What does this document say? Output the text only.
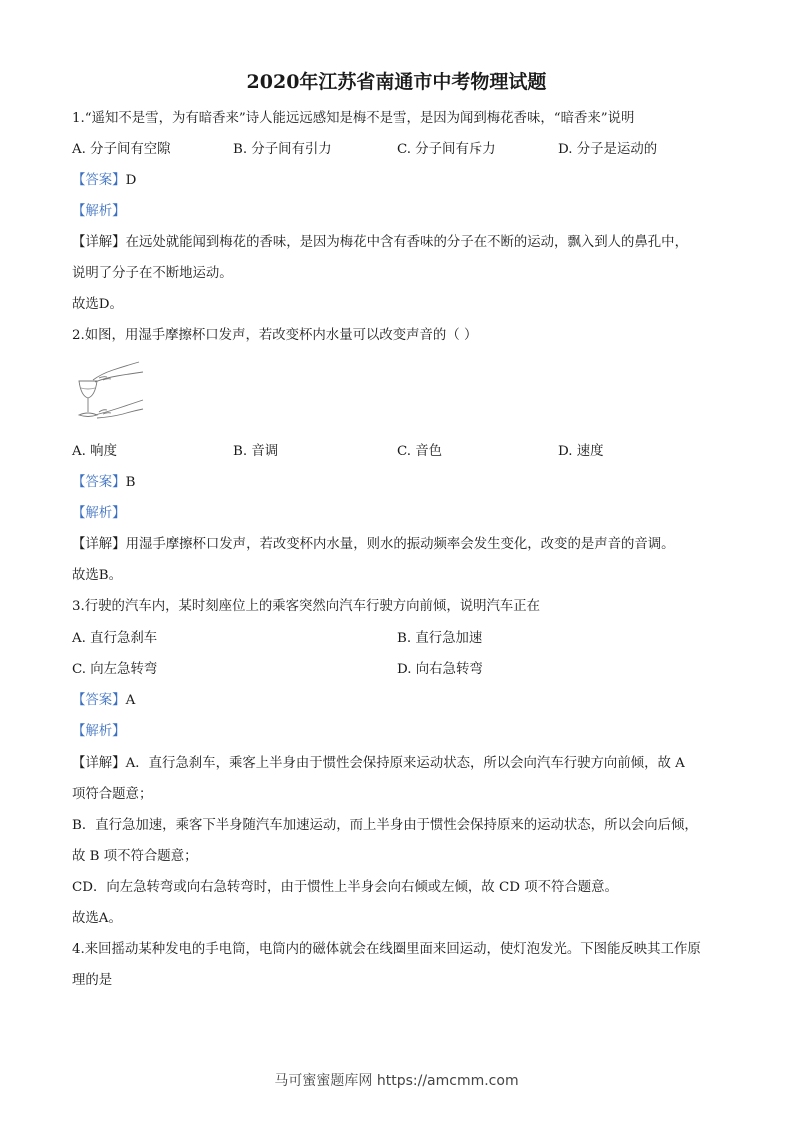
2020年江苏省南通市中考物理试题
1.“遥知不是雪，为有暗香来”诗人能远远感知是梅不是雪，是因为闻到梅花香味，“暗香来”说明
A. 分子间有空隙	B. 分子间有引力	C. 分子间有斥力	D. 分子是运动的
【答案】D
【解析】
【详解】在远处就能闻到梅花的香味，是因为梅花中含有香味的分子在不断的运动，飘入到人的鼻孔中，
说明了分子在不断地运动。
故选D。
2.如图，用湿手摩擦杯口发声，若改变杯内水量可以改变声音的（ ）
A. 响度	B. 音调	C. 音色	D. 速度
【答案】B
【解析】
【详解】用湿手摩擦杯口发声，若改变杯内水量，则水的振动频率会发生变化，改变的是声音的音调。
故选B。
3.行驶的汽车内，某时刻座位上的乘客突然向汽车行驶方向前倾，说明汽车正在
A. 直行急刹车	B. 直行急加速
C. 向左急转弯	D. 向右急转弯
【答案】A
【解析】
【详解】A．直行急刹车，乘客上半身由于惯性会保持原来运动状态，所以会向汽车行驶方向前倾，故 A
项符合题意；
B．直行急加速，乘客下半身随汽车加速运动，而上半身由于惯性会保持原来的运动状态，所以会向后倾，
故 B 项不符合题意；
CD．向左急转弯或向右急转弯时，由于惯性上半身会向右倾或左倾，故 CD 项不符合题意。
故选A。
4.来回摇动某种发电的手电筒，电筒内的磁体就会在线圈里面来回运动，使灯泡发光。下图能反映其工作原
理的是
马可蜜蜜题库网 https://amcmm.com
